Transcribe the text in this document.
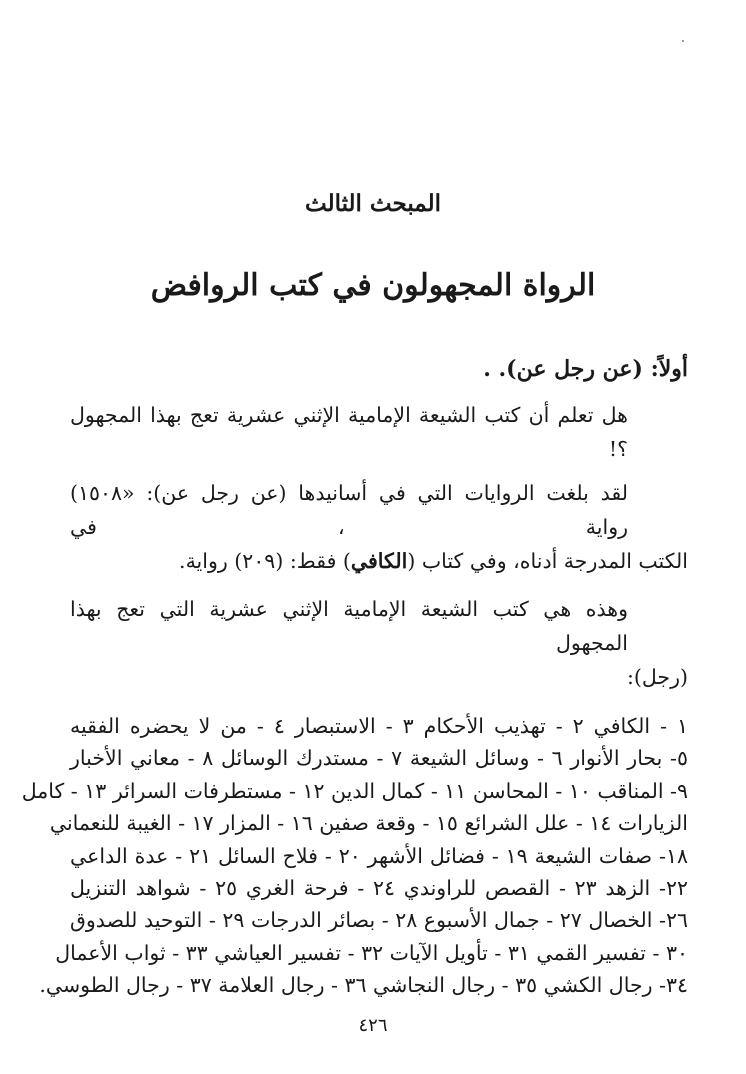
المبحث الثالث
الرواة المجهولون في كتب الروافض
أولاً: (عن رجل عن). .

هل تعلم أن كتب الشيعة الإمامية الإثني عشرية تعج بهذا المجهول ؟!

لقد بلغت الروايات التي في أسانيدها (عن رجل عن): «١٥٠٨) رواية ، في
الكتب المدرجة أدناه، وفي كتاب (الكافي) فقط: (٢٠٩) رواية.

وهذه هي كتب الشيعة الإمامية الإثني عشرية التي تعج بهذا المجهول
(رجل):

١ - الكافي ٢ - تهذيب الأحكام ٣ - الاستبصار ٤ - من لا يحضره الفقيه
٥- بحار الأنوار ٦ - وسائل الشيعة ٧ - مستدرك الوسائل ٨ - معاني الأخبار
٩- المناقب ١٠ - المحاسن ١١ - كمال الدين ١٢ - مستطرفات السرائر ١٣ - كامل
الزيارات ١٤ - علل الشرائع ١٥ - وقعة صفين ١٦ - المزار ١٧ - الغيبة للنعماني
١٨- صفات الشيعة ١٩ - فضائل الأشهر ٢٠ - فلاح السائل ٢١ - عدة الداعي
٢٢- الزهد ٢٣ - القصص للراوندي ٢٤ - فرحة الغري ٢٥ - شواهد التنزيل
٢٦- الخصال ٢٧ - جمال الأسبوع ٢٨ - بصائر الدرجات ٢٩ - التوحيد للصدوق
٣٠ - تفسير القمي ٣١ - تأويل الآيات ٣٢ - تفسير العياشي ٣٣ - ثواب الأعمال
٣٤- رجال الكشي ٣٥ - رجال النجاشي ٣٦ - رجال العلامة ٣٧ - رجال الطوسي.
٤٢٦
